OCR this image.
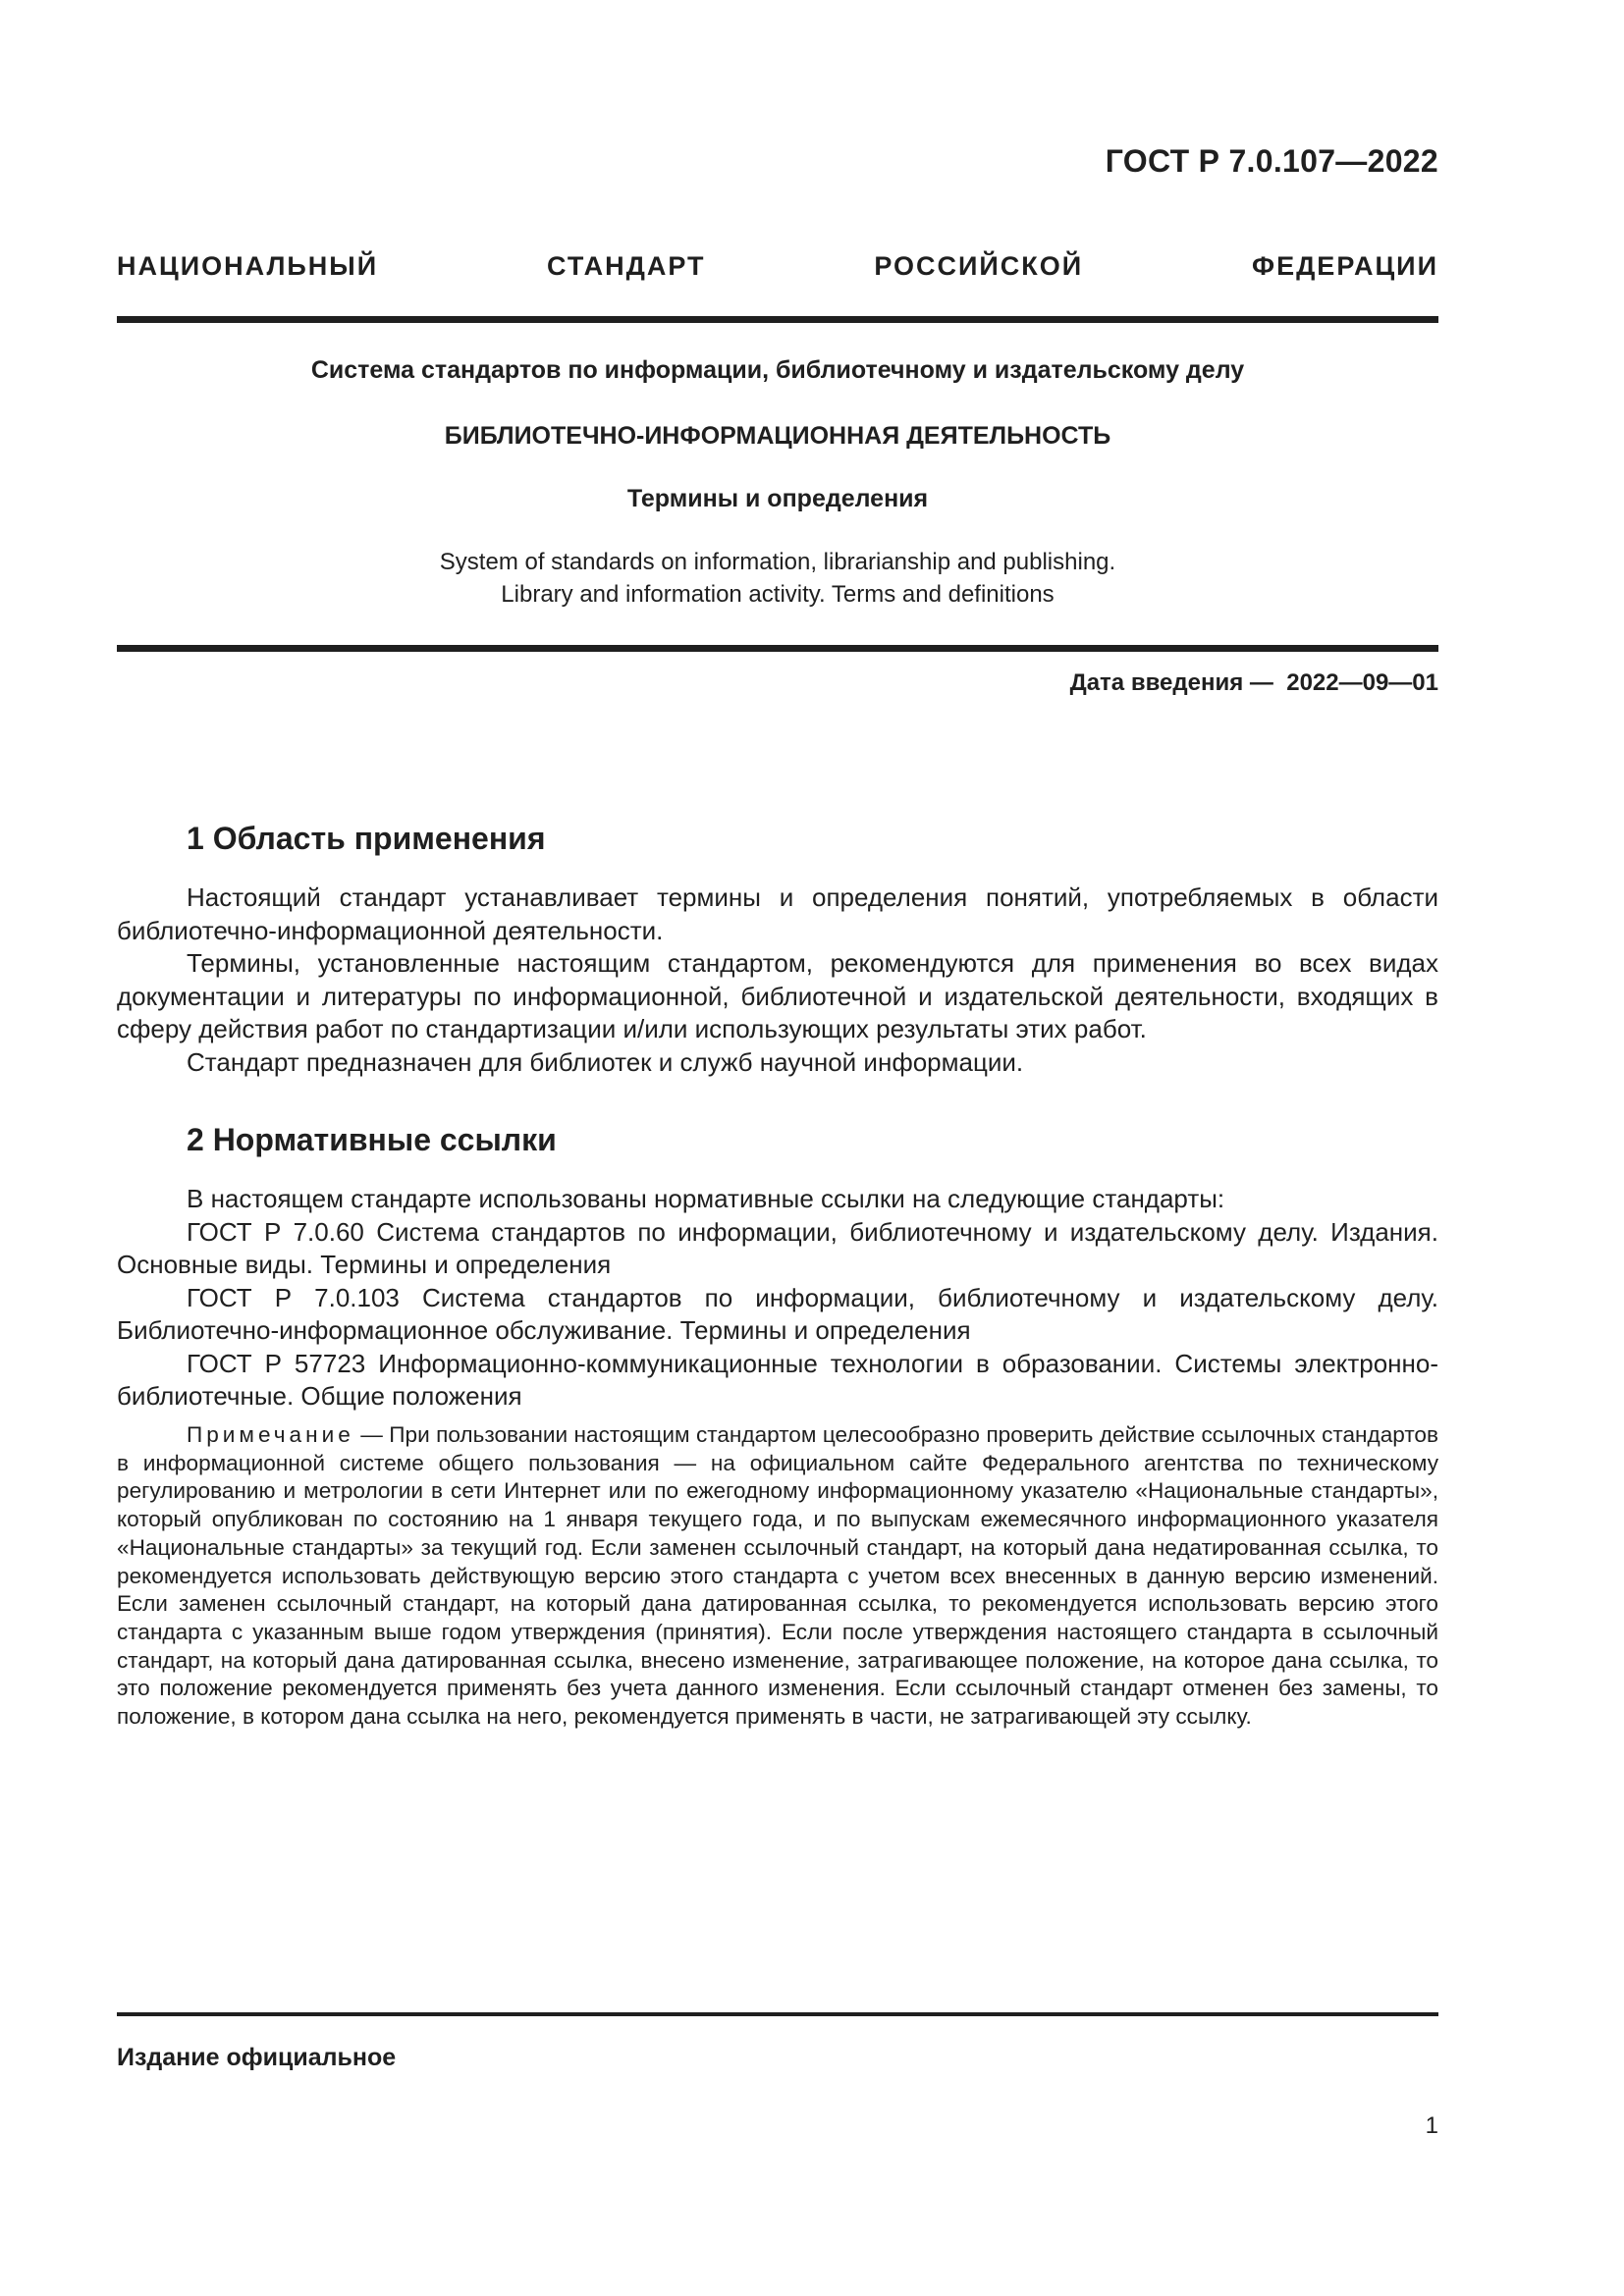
ГОСТ Р 7.0.107—2022
НАЦИОНАЛЬНЫЙ СТАНДАРТ РОССИЙСКОЙ ФЕДЕРАЦИИ
Система стандартов по информации, библиотечному и издательскому делу
БИБЛИОТЕЧНО-ИНФОРМАЦИОННАЯ ДЕЯТЕЛЬНОСТЬ
Термины и определения
System of standards on information, librarianship and publishing.
Library and information activity. Terms and definitions
Дата введения — 2022—09—01
1 Область применения

Настоящий стандарт устанавливает термины и определения понятий, употребляемых в области библиотечно-информационной деятельности.

Термины, установленные настоящим стандартом, рекомендуются для применения во всех видах документации и литературы по информационной, библиотечной и издательской деятельности, входящих в сферу действия работ по стандартизации и/или использующих результаты этих работ.

Стандарт предназначен для библиотек и служб научной информации.

2 Нормативные ссылки

В настоящем стандарте использованы нормативные ссылки на следующие стандарты:

ГОСТ Р 7.0.60 Система стандартов по информации, библиотечному и издательскому делу. Издания. Основные виды. Термины и определения

ГОСТ Р 7.0.103 Система стандартов по информации, библиотечному и издательскому делу. Библиотечно-информационное обслуживание. Термины и определения

ГОСТ Р 57723 Информационно-коммуникационные технологии в образовании. Системы электронно-библиотечные. Общие положения

Примечание — При пользовании настоящим стандартом целесообразно проверить действие ссылочных стандартов в информационной системе общего пользования — на официальном сайте Федерального агентства по техническому регулированию и метрологии в сети Интернет или по ежегодному информационному указателю «Национальные стандарты», который опубликован по состоянию на 1 января текущего года, и по выпускам ежемесячного информационного указателя «Национальные стандарты» за текущий год. Если заменен ссылочный стандарт, на который дана недатированная ссылка, то рекомендуется использовать действующую версию этого стандарта с учетом всех внесенных в данную версию изменений. Если заменен ссылочный стандарт, на который дана датированная ссылка, то рекомендуется использовать версию этого стандарта с указанным выше годом утверждения (принятия). Если после утверждения настоящего стандарта в ссылочный стандарт, на который дана датированная ссылка, внесено изменение, затрагивающее положение, на которое дана ссылка, то это положение рекомендуется применять без учета данного изменения. Если ссылочный стандарт отменен без замены, то положение, в котором дана ссылка на него, рекомендуется применять в части, не затрагивающей эту ссылку.
Издание официальное
1
